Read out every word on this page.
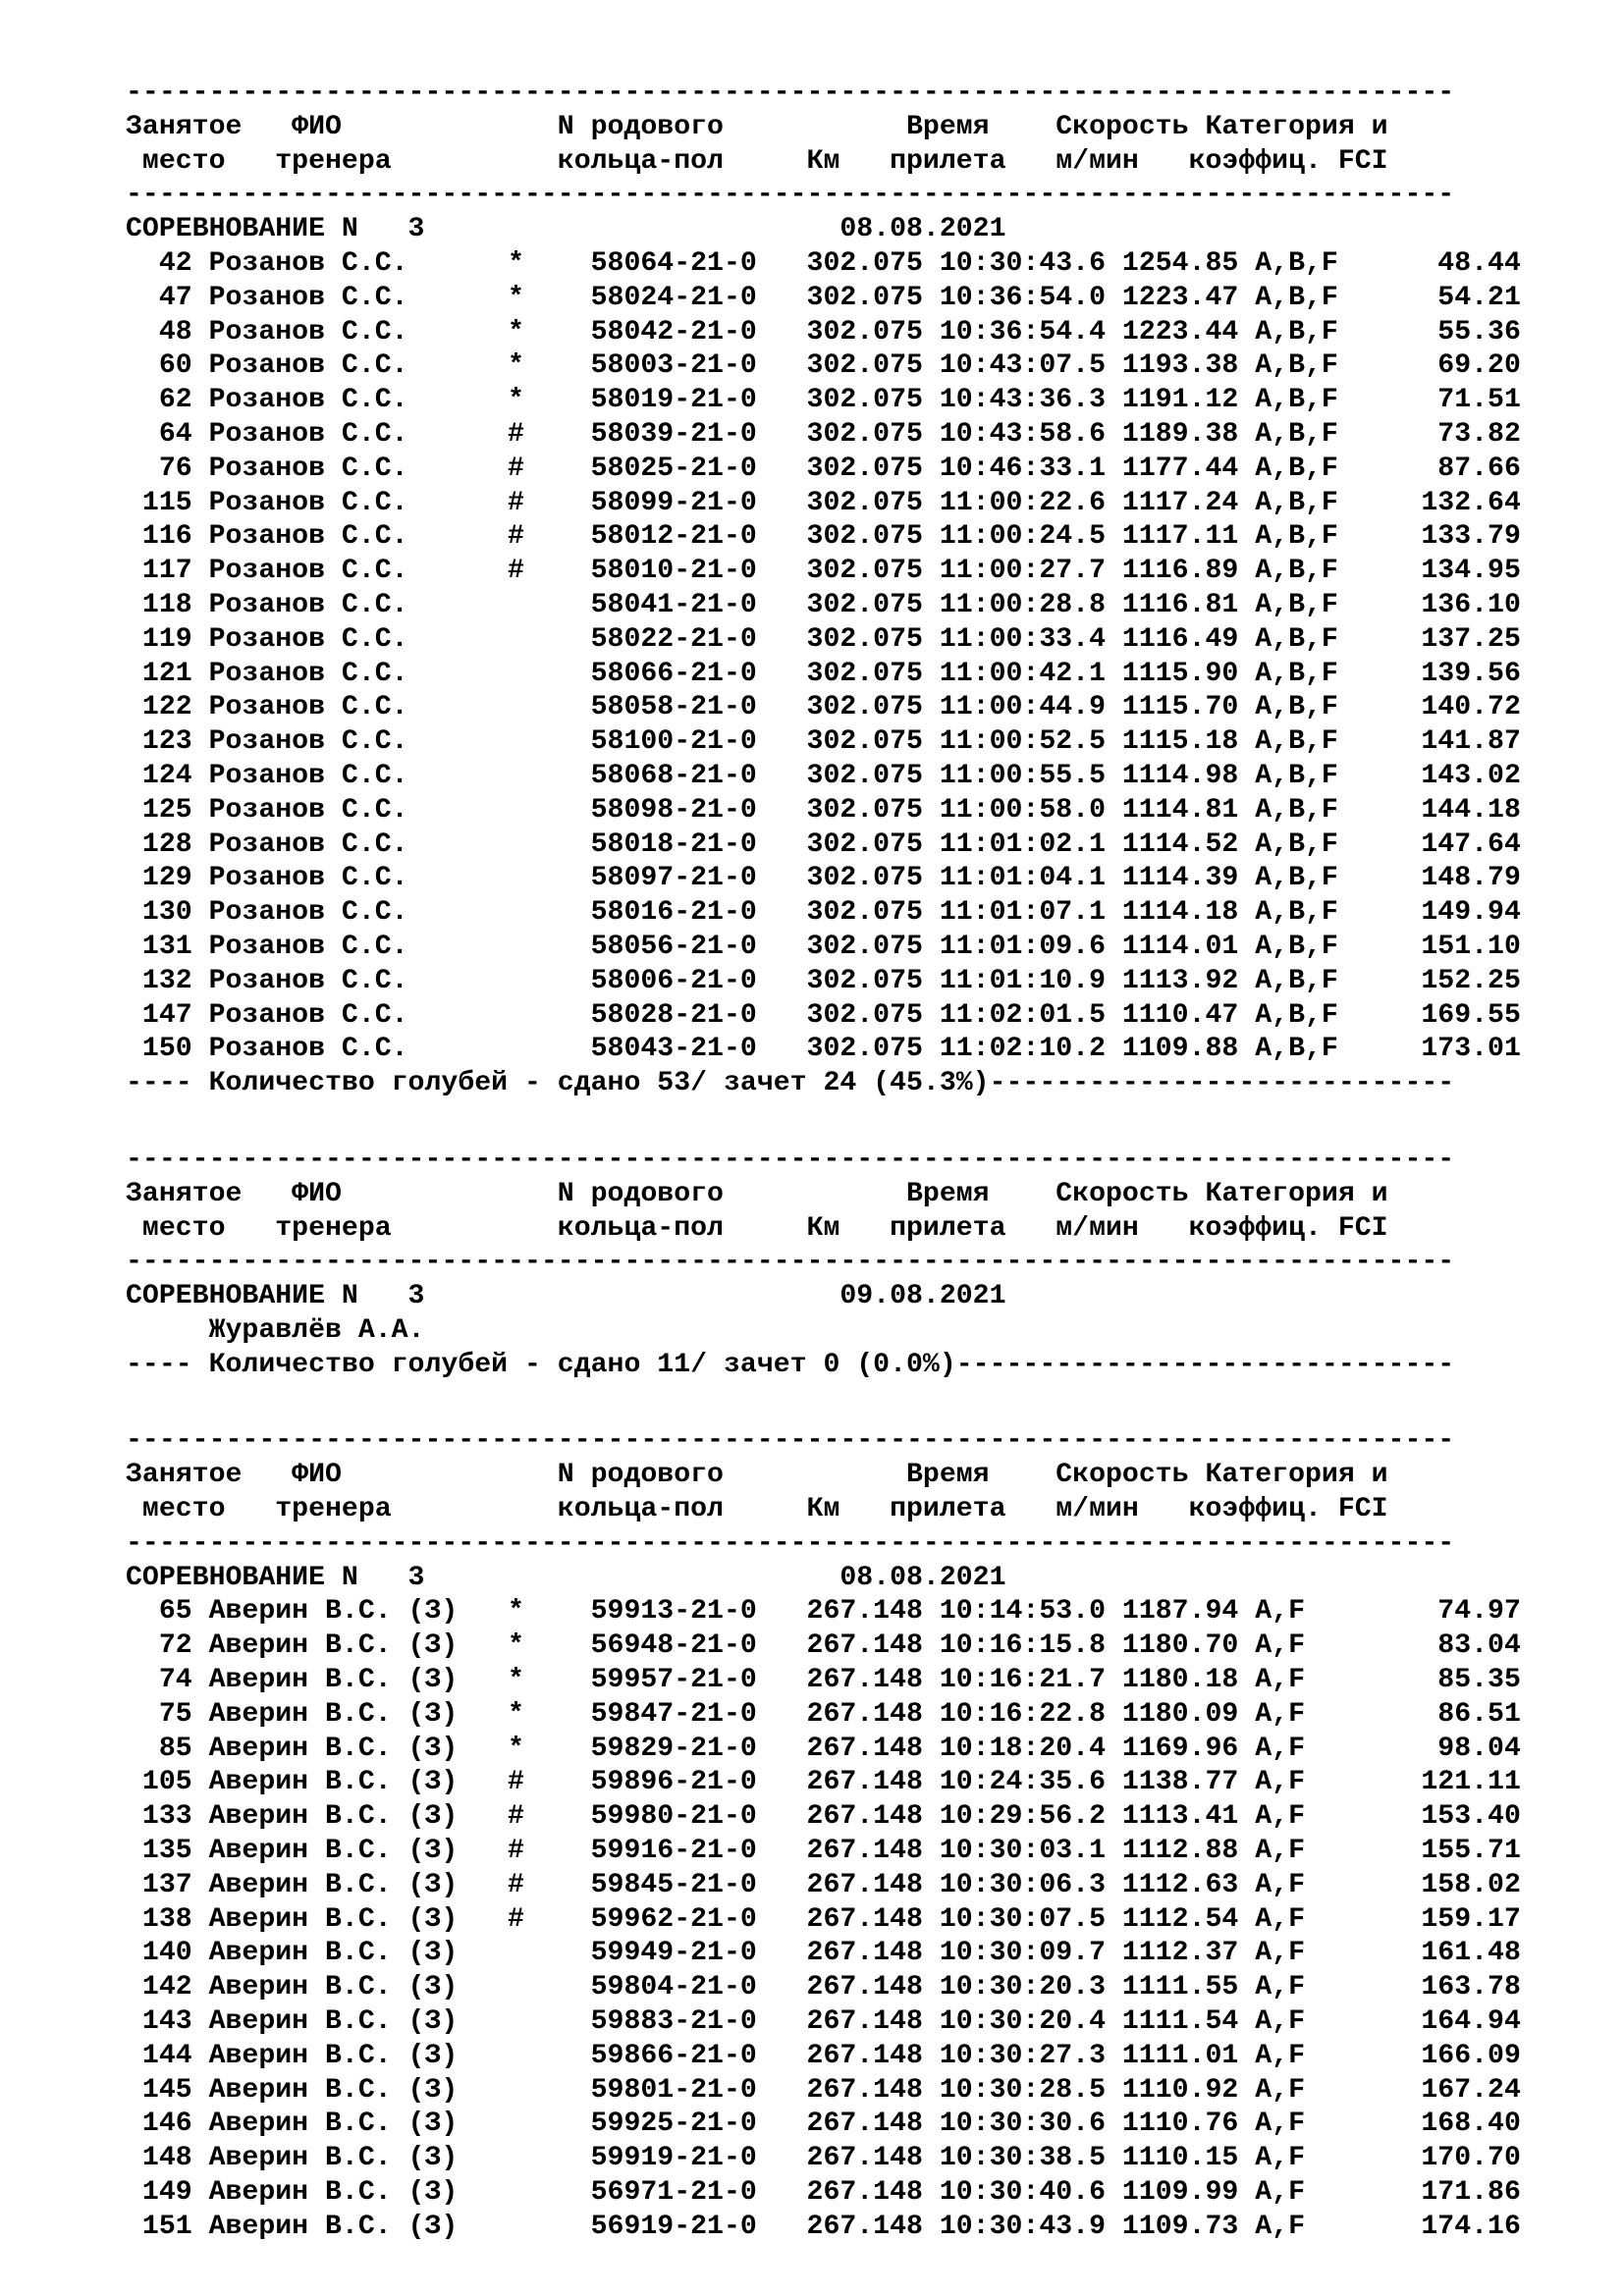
--------------------------------------------------------------------------------
Занятое   ФИО             N родового           Время    Скорость Категория и
место   тренера          кольца-пол     Км   прилета   м/мин   коэффиц. FCI
--------------------------------------------------------------------------------
СОРЕВНОВАНИЕ N   3                         08.08.2021
42 Розанов С.С.      *    58064-21-0   302.075 10:30:43.6 1254.85 A,B,F      48.44
47 Розанов С.С.      *    58024-21-0   302.075 10:36:54.0 1223.47 A,B,F      54.21
48 Розанов С.С.      *    58042-21-0   302.075 10:36:54.4 1223.44 A,B,F      55.36
60 Розанов С.С.      *    58003-21-0   302.075 10:43:07.5 1193.38 A,B,F      69.20
62 Розанов С.С.      *    58019-21-0   302.075 10:43:36.3 1191.12 A,B,F      71.51
64 Розанов С.С.      #    58039-21-0   302.075 10:43:58.6 1189.38 A,B,F      73.82
76 Розанов С.С.      #    58025-21-0   302.075 10:46:33.1 1177.44 A,B,F      87.66
115 Розанов С.С.      #    58099-21-0   302.075 11:00:22.6 1117.24 A,B,F     132.64
116 Розанов С.С.      #    58012-21-0   302.075 11:00:24.5 1117.11 A,B,F     133.79
117 Розанов С.С.      #    58010-21-0   302.075 11:00:27.7 1116.89 A,B,F     134.95
118 Розанов С.С.           58041-21-0   302.075 11:00:28.8 1116.81 A,B,F     136.10
119 Розанов С.С.           58022-21-0   302.075 11:00:33.4 1116.49 A,B,F     137.25
121 Розанов С.С.           58066-21-0   302.075 11:00:42.1 1115.90 A,B,F     139.56
122 Розанов С.С.           58058-21-0   302.075 11:00:44.9 1115.70 A,B,F     140.72
123 Розанов С.С.           58100-21-0   302.075 11:00:52.5 1115.18 A,B,F     141.87
124 Розанов С.С.           58068-21-0   302.075 11:00:55.5 1114.98 A,B,F     143.02
125 Розанов С.С.           58098-21-0   302.075 11:00:58.0 1114.81 A,B,F     144.18
128 Розанов С.С.           58018-21-0   302.075 11:01:02.1 1114.52 A,B,F     147.64
129 Розанов С.С.           58097-21-0   302.075 11:01:04.1 1114.39 A,B,F     148.79
130 Розанов С.С.           58016-21-0   302.075 11:01:07.1 1114.18 A,B,F     149.94
131 Розанов С.С.           58056-21-0   302.075 11:01:09.6 1114.01 A,B,F     151.10
132 Розанов С.С.           58006-21-0   302.075 11:01:10.9 1113.92 A,B,F     152.25
147 Розанов С.С.           58028-21-0   302.075 11:02:01.5 1110.47 A,B,F     169.55
150 Розанов С.С.           58043-21-0   302.075 11:02:10.2 1109.88 A,B,F     173.01
---- Количество голубей - сдано 53/ зачет 24 (45.3%)----------------------------
--------------------------------------------------------------------------------
Занятое   ФИО             N родового           Время    Скорость Категория и
место   тренера          кольца-пол     Км   прилета   м/мин   коэффиц. FCI
--------------------------------------------------------------------------------
СОРЕВНОВАНИЕ N   3                         09.08.2021
Журавлёв А.А.
---- Количество голубей - сдано 11/ зачет 0 (0.0%)------------------------------
--------------------------------------------------------------------------------
Занятое   ФИО             N родового           Время    Скорость Категория и
место   тренера          кольца-пол     Км   прилета   м/мин   коэффиц. FCI
--------------------------------------------------------------------------------
СОРЕВНОВАНИЕ N   3                         08.08.2021
65 Аверин В.С. (З)   *    59913-21-0   267.148 10:14:53.0 1187.94 A,F        74.97
72 Аверин В.С. (З)   *    56948-21-0   267.148 10:16:15.8 1180.70 A,F        83.04
74 Аверин В.С. (З)   *    59957-21-0   267.148 10:16:21.7 1180.18 A,F        85.35
75 Аверин В.С. (З)   *    59847-21-0   267.148 10:16:22.8 1180.09 A,F        86.51
85 Аверин В.С. (З)   *    59829-21-0   267.148 10:18:20.4 1169.96 A,F        98.04
105 Аверин В.С. (З)   #    59896-21-0   267.148 10:24:35.6 1138.77 A,F       121.11
133 Аверин В.С. (З)   #    59980-21-0   267.148 10:29:56.2 1113.41 A,F       153.40
135 Аверин В.С. (З)   #    59916-21-0   267.148 10:30:03.1 1112.88 A,F       155.71
137 Аверин В.С. (З)   #    59845-21-0   267.148 10:30:06.3 1112.63 A,F       158.02
138 Аверин В.С. (З)   #    59962-21-0   267.148 10:30:07.5 1112.54 A,F       159.17
140 Аверин В.С. (З)        59949-21-0   267.148 10:30:09.7 1112.37 A,F       161.48
142 Аверин В.С. (З)        59804-21-0   267.148 10:30:20.3 1111.55 A,F       163.78
143 Аверин В.С. (З)        59883-21-0   267.148 10:30:20.4 1111.54 A,F       164.94
144 Аверин В.С. (З)        59866-21-0   267.148 10:30:27.3 1111.01 A,F       166.09
145 Аверин В.С. (З)        59801-21-0   267.148 10:30:28.5 1110.92 A,F       167.24
146 Аверин В.С. (З)        59925-21-0   267.148 10:30:30.6 1110.76 A,F       168.40
148 Аверин В.С. (З)        59919-21-0   267.148 10:30:38.5 1110.15 A,F       170.70
149 Аверин В.С. (З)        56971-21-0   267.148 10:30:40.6 1109.99 A,F       171.86
151 Аверин В.С. (З)        56919-21-0   267.148 10:30:43.9 1109.73 A,F       174.16
